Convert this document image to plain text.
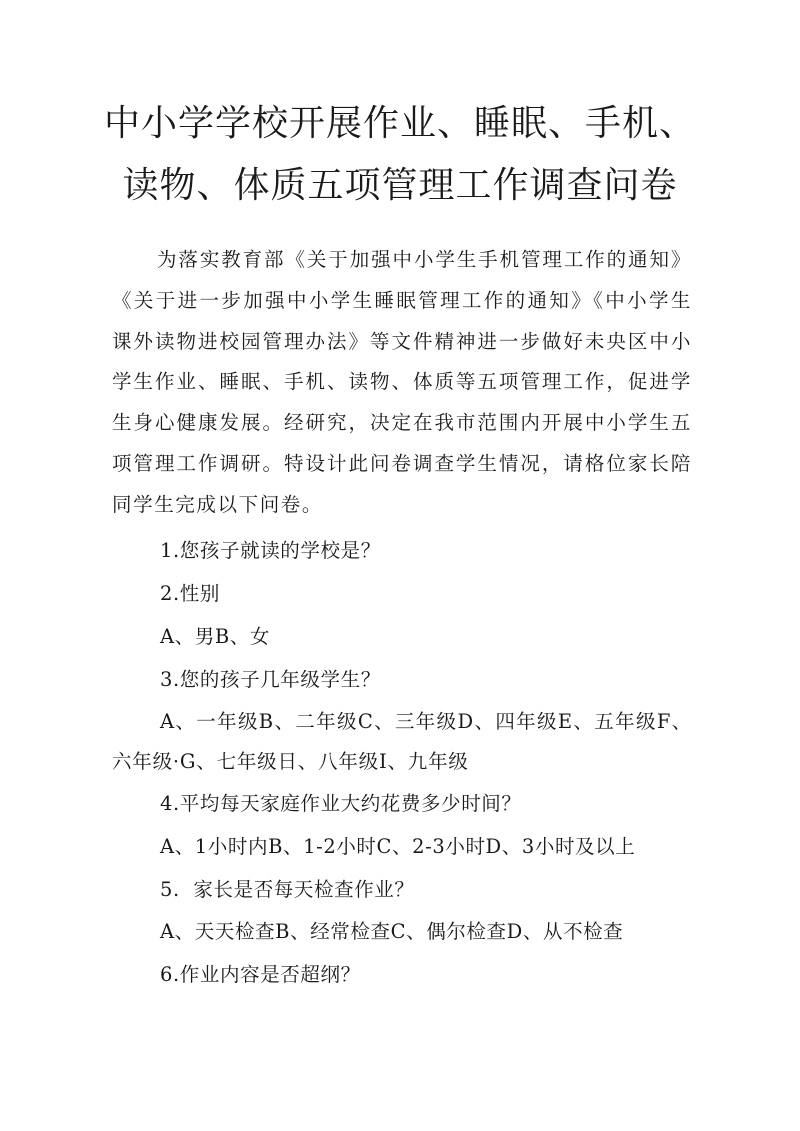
中小学学校开展作业、睡眠、手机、
读物、体质五项管理工作调查问卷
为落实教育部《关于加强中小学生手机管理工作的通知》《关于进一步加强中小学生睡眠管理工作的通知》《中小学生课外读物进校园管理办法》等文件精神进一步做好未央区中小学生作业、睡眠、手机、读物、体质等五项管理工作，促进学生身心健康发展。经研究，决定在我市范围内开展中小学生五项管理工作调研。特设计此问卷调查学生情况，请格位家长陪同学生完成以下问卷。
1.您孩子就读的学校是？
2.性别
A、男B、女
3.您的孩子几年级学生？
A、一年级B、二年级C、三年级D、四年级E、五年级F、六年级·G、七年级日、八年级I、九年级
4.平均每天家庭作业大约花费多少时间？
A、1小时内B、1-2小时C、2-3小时D、3小时及以上
5.  家长是否每天检查作业？
A、天天检查B、经常检查C、偶尔检查D、从不检查
6.作业内容是否超纲？
